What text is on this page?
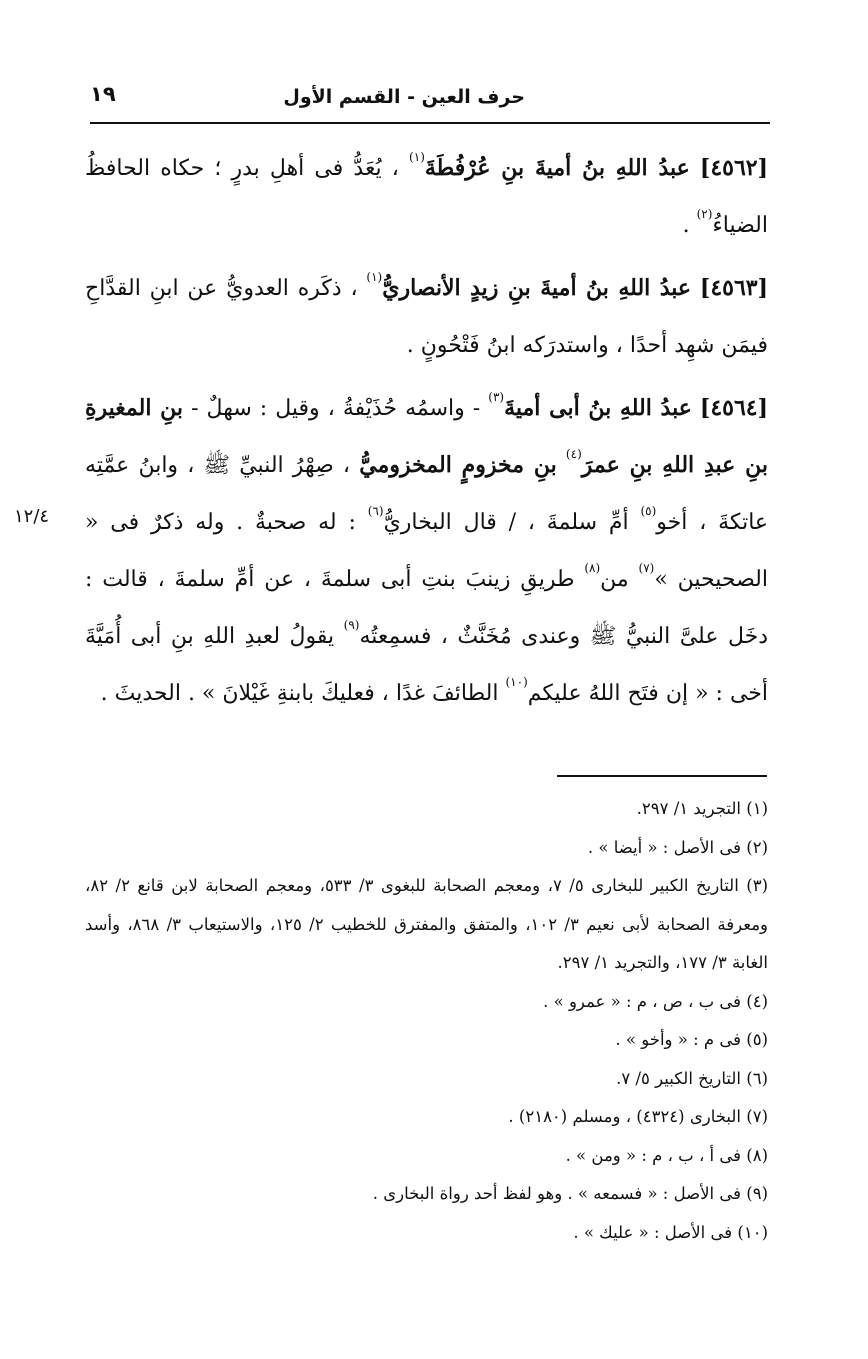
حرف العين - القسم الأول
١٩
١٢/٤

[٤٥٦٢] عبدُ اللهِ بنُ أميةَ بنِ عُرْفُطَةَ$^{(١)}$ ، يُعَدُّ فى أهلِ بدرٍ ؛ حكاه الحافظُ الضياءُ$^{(٢)}$ .

[٤٥٦٣] عبدُ اللهِ بنُ أميةَ بنِ زيدٍ الأنصاريُّ$^{(١)}$ ، ذكَره العدويُّ عن ابنِ القدَّاحِ فيمَن شهِد أحدًا ، واستدرَكه ابنُ فَتْحُونٍ .

[٤٥٦٤] عبدُ اللهِ بنُ أبى أميةَ$^{(٣)}$ - واسمُه حُذَيْفةُ ، وقيل : سهلٌ - بنِ المغيرةِ بنِ عبدِ اللهِ بنِ عمرَ$^{(٤)}$ بنِ مخزومٍ المخزوميُّ ، صِهْرُ النبيِّ ﷺ ، وابنُ عمَّتِه عاتكةَ ، أخو$^{(٥)}$ أمِّ سلمةَ ، / قال البخاريُّ$^{(٦)}$ : له صحبةٌ . وله ذكرٌ فى « الصحيحين »$^{(٧)}$ من$^{(٨)}$ طريقِ زينبَ بنتِ أبى سلمةَ ، عن أمِّ سلمةَ ، قالت : دخَل علىَّ النبيُّ ﷺ وعندى مُخَنَّثٌ ، فسمِعتُه$^{(٩)}$ يقولُ لعبدِ اللهِ بنِ أبى أُمَيَّةَ أخى : « إن فتَح اللهُ عليكم$^{(١٠)}$ الطائفَ غدًا ، فعليكَ بابنةِ غَيْلانَ » . الحديثَ .

(١) التجريد ١/ ٢٩٧.

(٢) فى الأصل : « أيضا » .

(٣) التاريخ الكبير للبخارى ٥/ ٧، ومعجم الصحابة للبغوى ٣/ ٥٣٣، ومعجم الصحابة لابن قانع ٢/ ٨٢، ومعرفة الصحابة لأبى نعيم ٣/ ١٠٢، والمتفق والمفترق للخطيب ٢/ ١٢٥، والاستيعاب ٣/ ٨٦٨، وأسد الغابة ٣/ ١٧٧، والتجريد ١/ ٢٩٧.

(٤) فى ب ، ص ، م : « عمرو » .

(٥) فى م : « وأخو » .

(٦) التاريخ الكبير ٥/ ٧.

(٧) البخارى (٤٣٢٤) ، ومسلم (٢١٨٠) .

(٨) فى أ ، ب ، م : « ومن » .

(٩) فى الأصل : « فسمعه » . وهو لفظ أحد رواة البخارى .

(١٠) فى الأصل : « عليك » .
